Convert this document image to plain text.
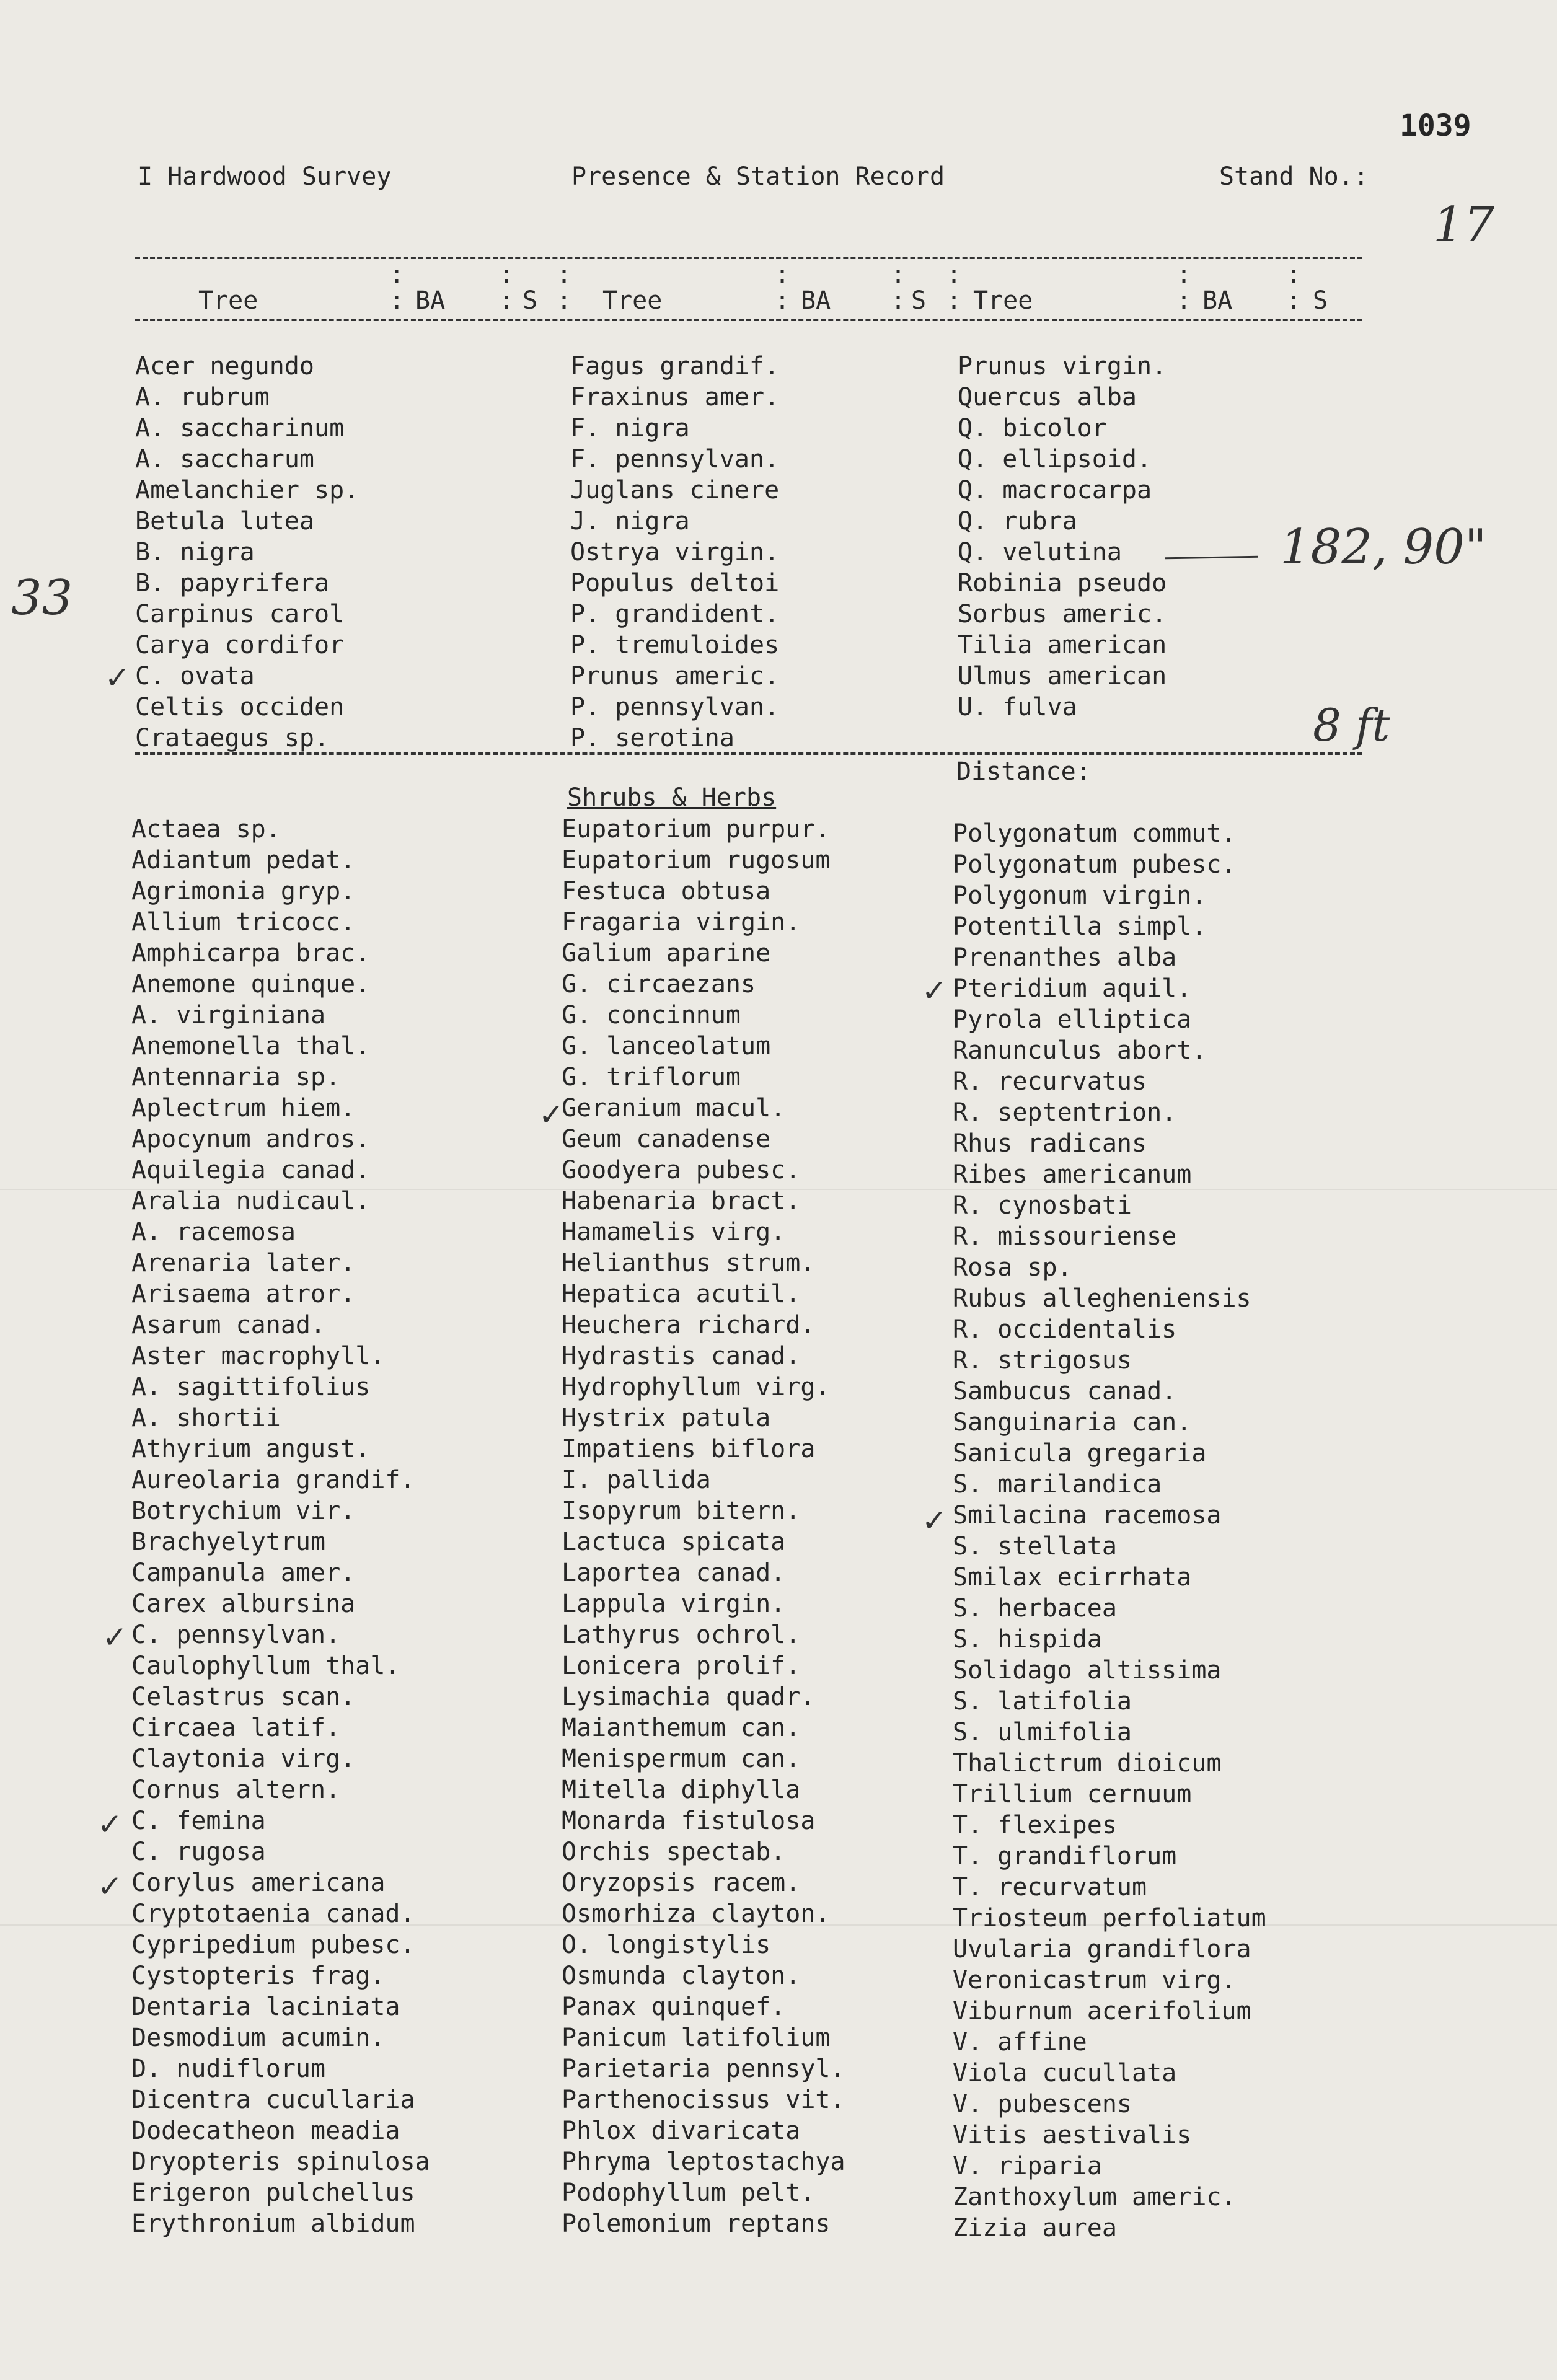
I Hardwood Survey	Presence & Station Record	Stand No.:
1039
17
:	: :	:	: :	:	:
Tree	: BA : S : Tree	: BA : S : Tree	: BA : S
Acer negundo
A. rubrum
A. saccharinum
A. saccharum
Amelanchier sp.
Betula lutea
B. nigra
B. papyrifera
Carpinus carol
Carya cordifor
C. ovata
Celtis occiden
Crataegus sp.
Fagus grandif.
Fraxinus amer.
F. nigra
F. pennsylvan.
Juglans cinere
J. nigra
Ostrya virgin.
Populus deltoi
P. grandident.
P. tremuloides
Prunus americ.
P. pennsylvan.
P. serotina
Prunus virgin.
Quercus alba
Q. bicolor
Q. ellipsoid.
Q. macrocarpa
Q. rubra
Q. velutina
Robinia pseudo
Sorbus americ.
Tilia american
Ulmus american
U. fulva
Distance:
Shrubs & Herbs
Actaea sp.
Adiantum pedat.
Agrimonia gryp.
Allium tricocc.
Amphicarpa brac.
Anemone quinque.
A. virginiana
Anemonella thal.
Antennaria sp.
Aplectrum hiem.
Apocynum andros.
Aquilegia canad.
Aralia nudicaul.
A. racemosa
Arenaria later.
Arisaema atror.
Asarum canad.
Aster macrophyll.
A. sagittifolius
A. shortii
Athyrium angust.
Aureolaria grandif.
Botrychium vir.
Brachyelytrum
Campanula amer.
Carex albursina
C. pennsylvan.
Caulophyllum thal.
Celastrus scan.
Circaea latif.
Claytonia virg.
Cornus altern.
C. femina
C. rugosa
Corylus americana
Cryptotaenia canad.
Cypripedium pubesc.
Cystopteris frag.
Dentaria laciniata
Desmodium acumin.
D. nudiflorum
Dicentra cucullaria
Dodecatheon meadia
Dryopteris spinulosa
Erigeron pulchellus
Erythronium albidum
Eupatorium purpur.
Eupatorium rugosum
Festuca obtusa
Fragaria virgin.
Galium aparine
G. circaezans
G. concinnum
G. lanceolatum
G. triflorum
Geranium macul.
Geum canadense
Goodyera pubesc.
Habenaria bract.
Hamamelis virg.
Helianthus strum.
Hepatica acutil.
Heuchera richard.
Hydrastis canad.
Hydrophyllum virg.
Hystrix patula
Impatiens biflora
I. pallida
Isopyrum bitern.
Lactuca spicata
Laportea canad.
Lappula virgin.
Lathyrus ochrol.
Lonicera prolif.
Lysimachia quadr.
Maianthemum can.
Menispermum can.
Mitella diphylla
Monarda fistulosa
Orchis spectab.
Oryzopsis racem.
Osmorhiza clayton.
O. longistylis
Osmunda clayton.
Panax quinquef.
Panicum latifolium
Parietaria pennsyl.
Parthenocissus vit.
Phlox divaricata
Phryma leptostachya
Podophyllum pelt.
Polemonium reptans
Polygonatum commut.
Polygonatum pubesc.
Polygonum virgin.
Potentilla simpl.
Prenanthes alba
Pteridium aquil.
Pyrola elliptica
Ranunculus abort.
R. recurvatus
R. septentrion.
Rhus radicans
Ribes americanum
R. cynosbati
R. missouriense
Rosa sp.
Rubus allegheniensis
R. occidentalis
R. strigosus
Sambucus canad.
Sanguinaria can.
Sanicula gregaria
S. marilandica
Smilacina racemosa
S. stellata
Smilax ecirrhata
S. herbacea
S. hispida
Solidago altissima
S. latifolia
S. ulmifolia
Thalictrum dioicum
Trillium cernuum
T. flexipes
T. grandiflorum
T. recurvatum
Triosteum perfoliatum
Uvularia grandiflora
Veronicastrum virg.
Viburnum acerifolium
V. affine
Viola cucullata
V. pubescens
Vitis aestivalis
V. riparia
Zanthoxylum americ.
Zizia aurea
33
182, 90"
8 ft
✓
✓
✓
✓
✓
✓
✓
